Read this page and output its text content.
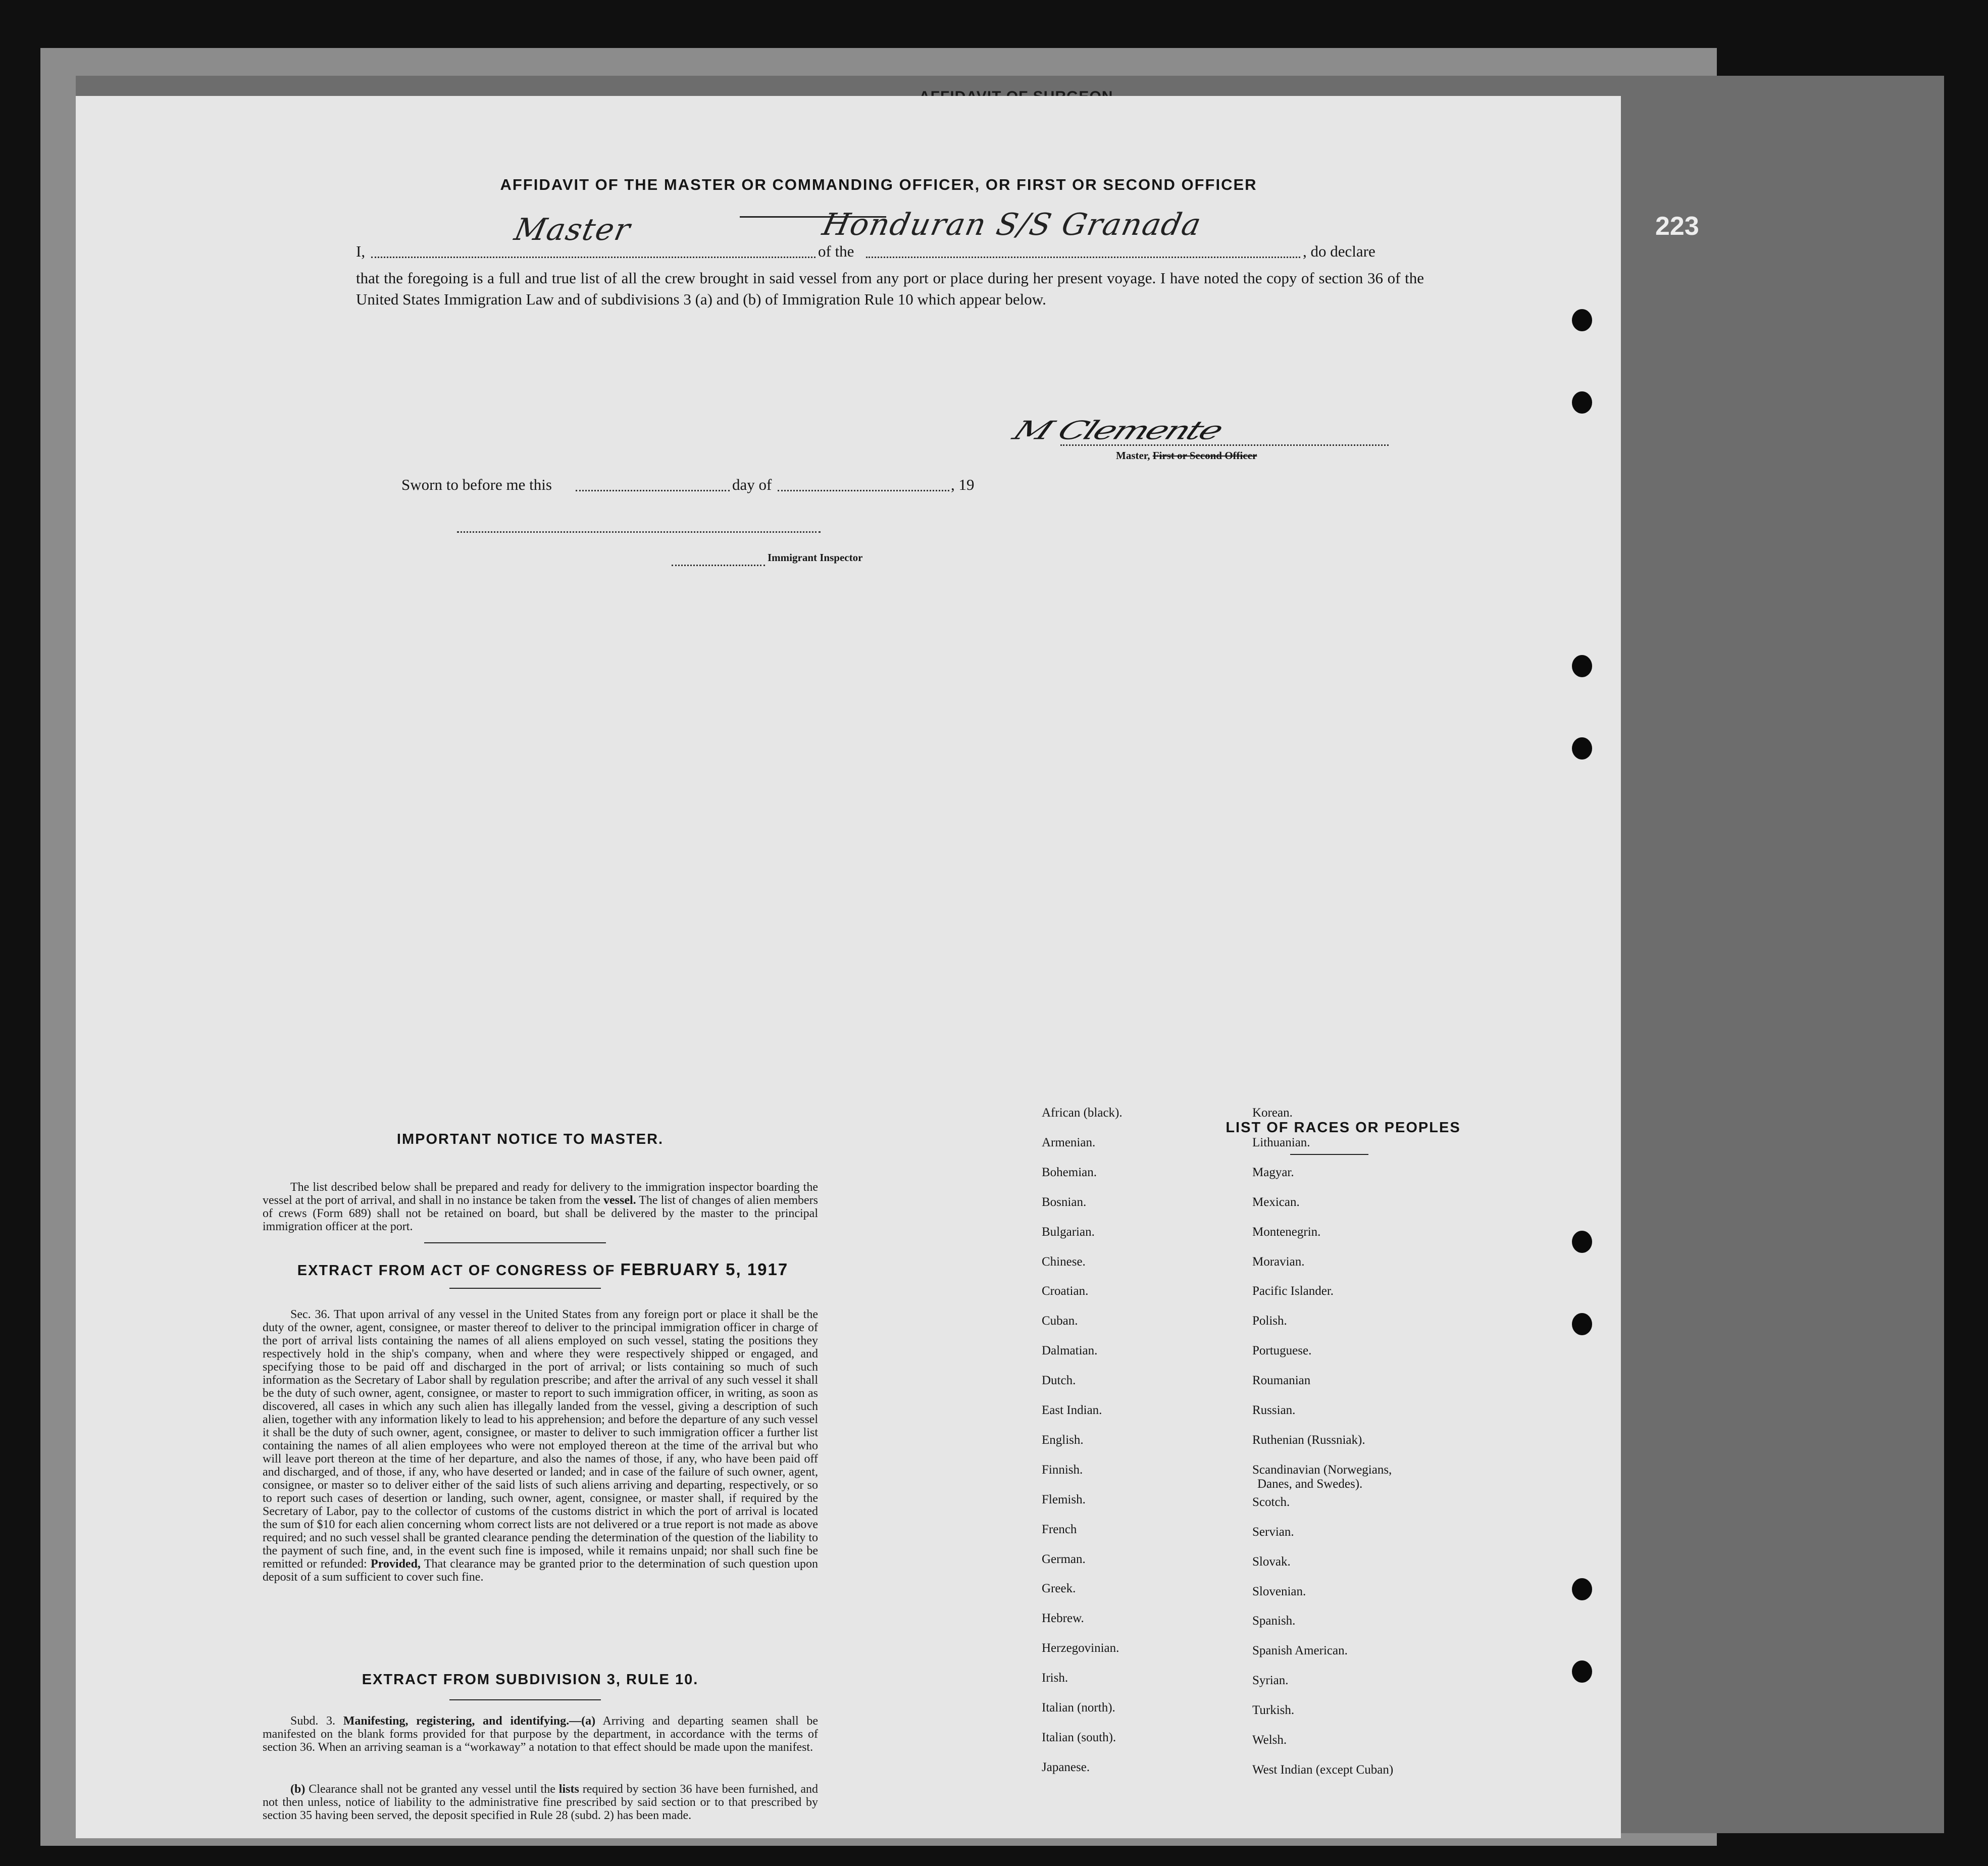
223
AFFIDAVIT OF THE MASTER OR COMMANDING OFFICER, OR FIRST OR SECOND OFFICER
I,	of the	, do declare
Master	Honduran S/S Granada
that the foregoing is a full and true list of all the crew brought in said vessel from any port or place during her present voyage. I have noted the copy of section 36 of the United States Immigration Law and of subdivisions 3 (a) and (b) of Immigration Rule 10 which appear below.
M Clemente
Master, First or Second Officer
Sworn to before me this	day of	, 19
Immigrant Inspector
IMPORTANT NOTICE TO MASTER.
The list described below shall be prepared and ready for delivery to the immigration inspector boarding the vessel at the port of arrival, and shall in no instance be taken from the vessel. The list of changes of alien members of crews (Form 689) shall not be retained on board, but shall be delivered by the master to the principal immigration officer at the port.
EXTRACT FROM ACT OF CONGRESS OF FEBRUARY 5, 1917
Sec. 36. That upon arrival of any vessel in the United States from any foreign port or place it shall be the duty of the owner, agent, consignee, or master thereof to deliver to the principal immigration officer in charge of the port of arrival lists containing the names of all aliens employed on such vessel, stating the positions they respectively hold in the ship's company, when and where they were respectively shipped or engaged, and specifying those to be paid off and discharged in the port of arrival; or lists containing so much of such information as the Secretary of Labor shall by regulation prescribe; and after the arrival of any such vessel it shall be the duty of such owner, agent, consignee, or master to report to such immigration officer, in writing, as soon as discovered, all cases in which any such alien has illegally landed from the vessel, giving a description of such alien, together with any information likely to lead to his apprehension; and before the departure of any such vessel it shall be the duty of such owner, agent, consignee, or master to deliver to such immigration officer a further list containing the names of all alien employees who were not employed thereon at the time of the arrival but who will leave port thereon at the time of her departure, and also the names of those, if any, who have been paid off and discharged, and of those, if any, who have deserted or landed; and in case of the failure of such owner, agent, consignee, or master so to deliver either of the said lists of such aliens arriving and departing, respectively, or so to report such cases of desertion or landing, such owner, agent, consignee, or master shall, if required by the Secretary of Labor, pay to the collector of customs of the customs district in which the port of arrival is located the sum of $10 for each alien concerning whom correct lists are not delivered or a true report is not made as above required; and no such vessel shall be granted clearance pending the determination of the question of the liability to the payment of such fine, and, in the event such fine is imposed, while it remains unpaid; nor shall such fine be remitted or refunded: Provided, That clearance may be granted prior to the determination of such question upon deposit of a sum sufficient to cover such fine.
EXTRACT FROM SUBDIVISION 3, RULE 10.
Subd. 3. Manifesting, registering, and identifying.—(a) Arriving and departing seamen shall be manifested on the blank forms provided for that purpose by the department, in accordance with the terms of section 36. When an arriving seaman is a “workaway” a notation to that effect should be made upon the manifest.
(b) Clearance shall not be granted any vessel until the lists required by section 36 have been furnished, and not then unless, notice of liability to the administrative fine prescribed by said section or to that prescribed by section 35 having been served, the deposit specified in Rule 28 (subd. 2) has been made.
LIST OF RACES OR PEOPLES
African (black).
Armenian.
Bohemian.
Bosnian.
Bulgarian.
Chinese.
Croatian.
Cuban.
Dalmatian.
Dutch.
East Indian.
English.
Finnish.
Flemish.
French
German.
Greek.
Hebrew.
Herzegovinian.
Irish.
Italian (north).
Italian (south).
Japanese.
Korean.
Lithuanian.
Magyar.
Mexican.
Montenegrin.
Moravian.
Pacific Islander.
Polish.
Portuguese.
Roumanian
Russian.
Ruthenian (Russniak).
Scandinavian (Norwegians,
Danes, and Swedes).
Scotch.
Servian.
Slovak.
Slovenian.
Spanish.
Spanish American.
Syrian.
Turkish.
Welsh.
West Indian (except Cuban)
